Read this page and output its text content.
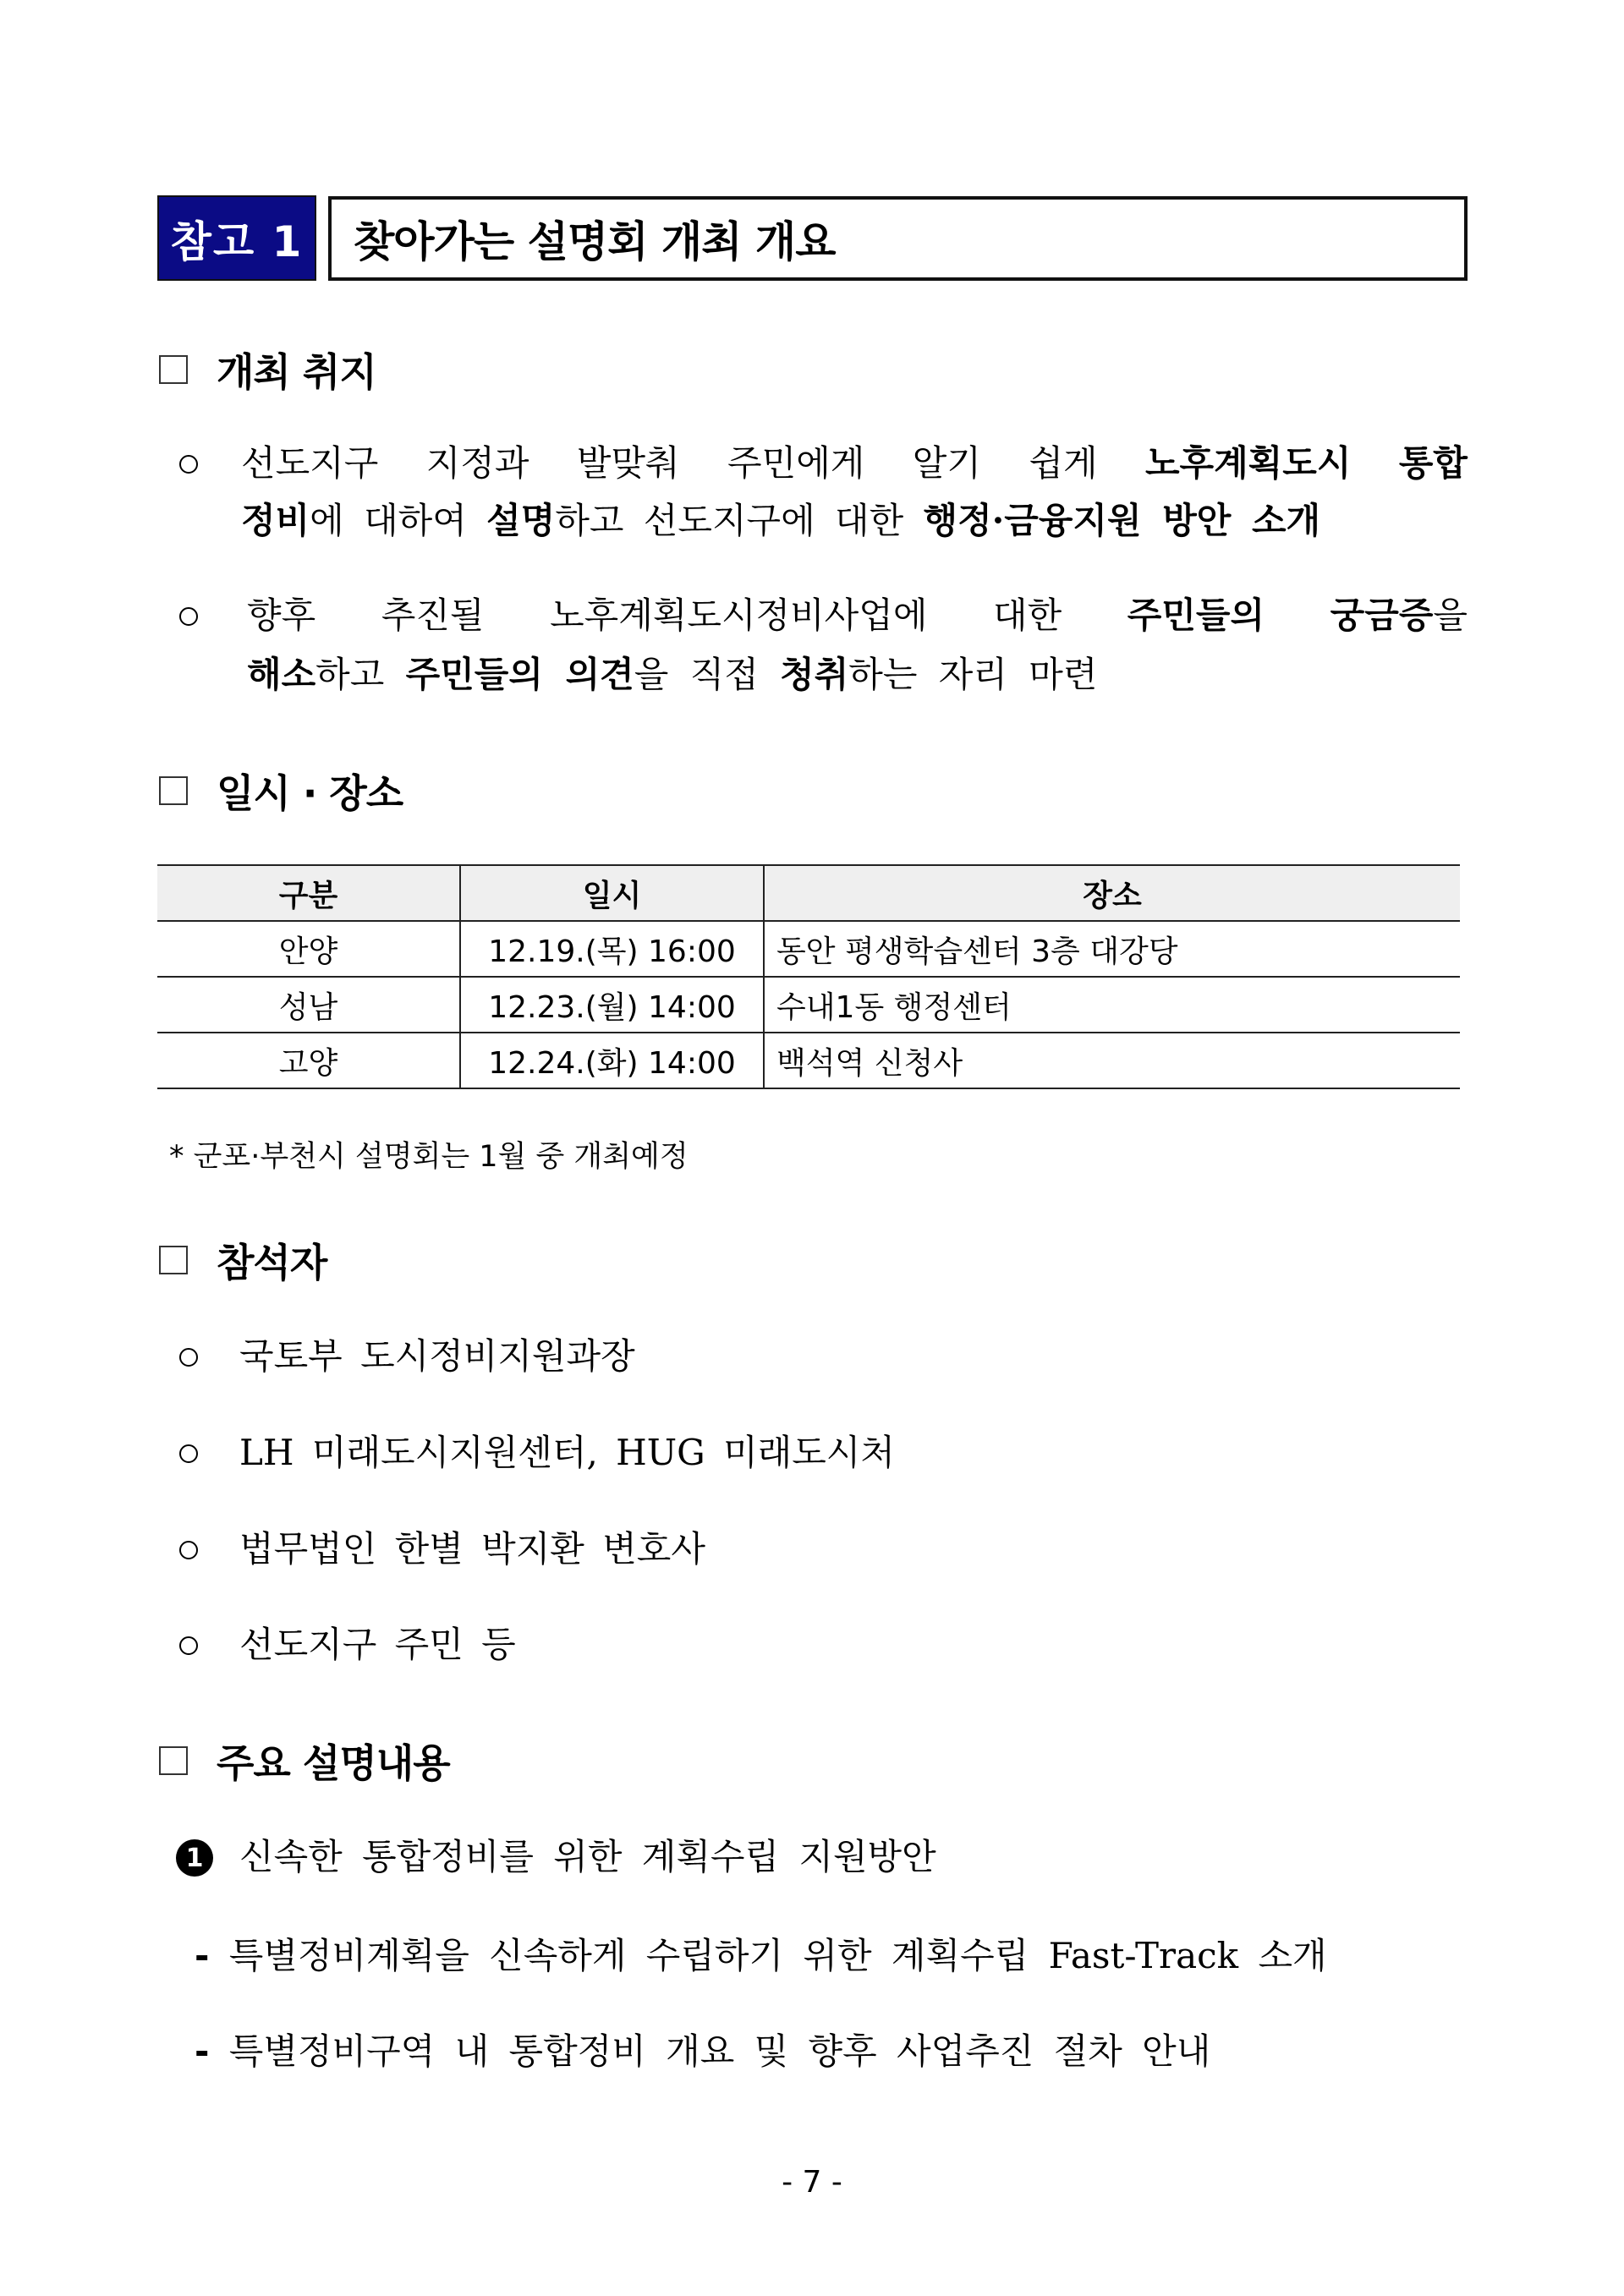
참고 1	찾아가는 설명회 개최 개요
개최 취지
선도지구 지정과 발맞춰 주민에게 알기 쉽게 노후계획도시 통합
정비에 대하여 설명하고 선도지구에 대한 행정·금융지원 방안 소개
향후 추진될 노후계획도시정비사업에 대한 주민들의 궁금증을
해소하고 주민들의 의견을 직접 청취하는 자리 마련
일시 · 장소
구분	일시	장소
안양	12.19.(목) 16:00	동안 평생학습센터 3층 대강당
성남	12.23.(월) 14:00	수내1동 행정센터
고양	12.24.(화) 14:00	백석역 신청사
* 군포·부천시 설명회는 1월 중 개최예정
참석자
국토부 도시정비지원과장
LH 미래도시지원센터, HUG 미래도시처
법무법인 한별 박지환 변호사
선도지구 주민 등
주요 설명내용
1 신속한 통합정비를 위한 계획수립 지원방안
- 특별정비계획을 신속하게 수립하기 위한 계획수립 Fast-Track 소개
- 특별정비구역 내 통합정비 개요 및 향후 사업추진 절차 안내
- 7 -
